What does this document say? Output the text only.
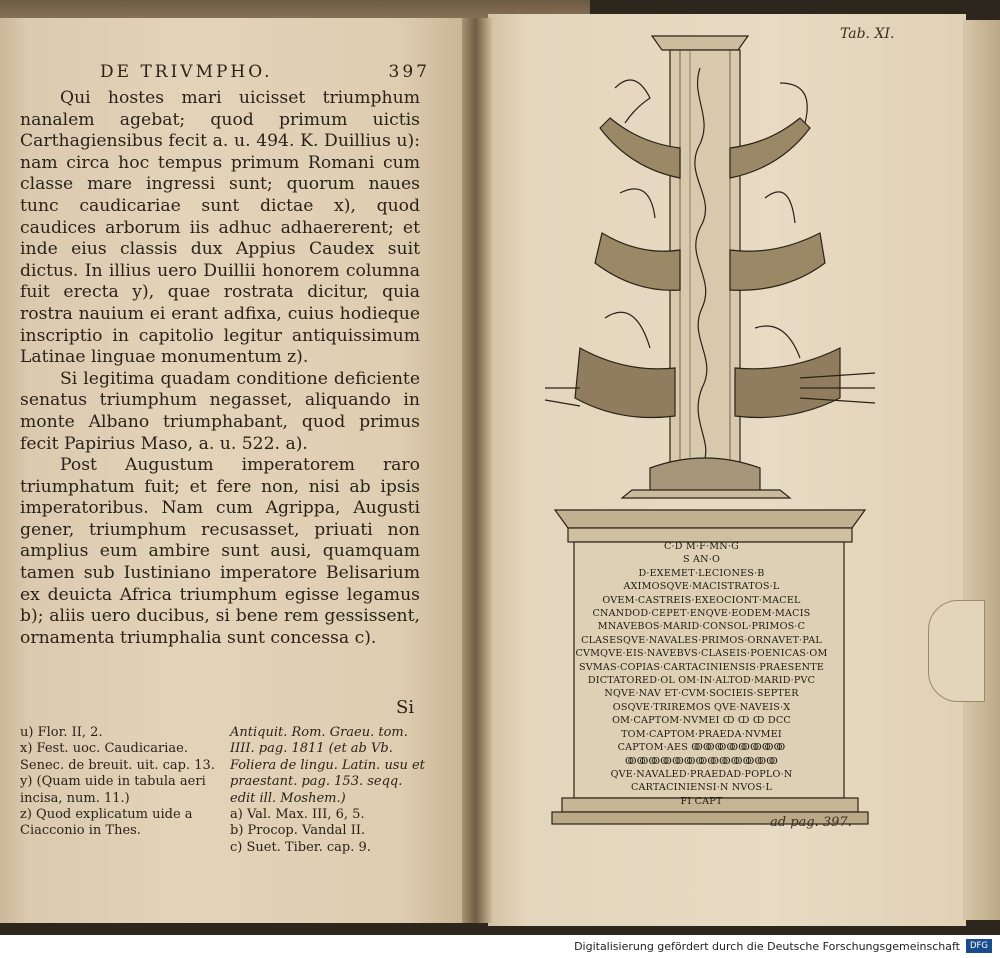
DE TRIVMPHO.	397

Qui hostes mari uicisset triumphum nanalem agebat; quod primum uictis Carthagiensibus fecit a. u. 494. K. Duillius u): nam circa hoc tempus primum Romani cum classe mare ingressi sunt; quorum naues tunc caudicariae sunt dictae x), quod caudices arborum iis adhuc adhaererent; et inde eius classis dux Appius Caudex suit dictus. In illius uero Duillii honorem columna fuit erecta y), quae rostrata dicitur, quia rostra nauium ei erant adfixa, cuius hodieque inscriptio in capitolio legitur antiquissimum Latinae linguae monumentum z).

Si legitima quadam conditione deficiente senatus triumphum negasset, aliquando in monte Albano triumphabant, quod primus fecit Papirius Maso, a. u. 522. a).

Post Augustum imperatorem raro triumphatum fuit; et fere non, nisi ab ipsis imperatoribus. Nam cum Agrippa, Augusti gener, triumphum recusasset, priuati non amplius eum ambire sunt ausi, quamquam tamen sub Iustiniano imperatore Belisarium ex deuicta Africa triumphum egisse legamus b); aliis uero ducibus, si bene rem gessissent, ornamenta triumphalia sunt concessa c).

Si
u) Flor. II, 2.
x) Fest. uoc. Caudicariae. Senec. de breuit. uit. cap. 13.
y) (Quam uide in tabula aeri incisa, num. 11.)
z) Quod explicatum uide a Ciacconio in Thes.
Antiquit. Rom. Graeu. tom. IIII. pag. 1811 (et ab Vb. Foliera de lingu. Latin. usu et praestant. pag. 153. seqq. edit ill. Moshem.)
a) Val. Max. III, 6, 5.
b) Procop. Vandal II.
c) Suet. Tiber. cap. 9.
Tab. XI.
C·D M·F·MN·G
S AN·O
D·EXEMET·LECIONES·B
AXIMOSQVE·MACISTRATOS·L
OVEM·CASTREIS·EXEOCIONT·MACEL
CNANDOD·CEPET·ENQVE·EODEM·MACIS
MNAVEBOS·MARID·CONSOL·PRIMOS·C
CLASESQVE·NAVALES·PRIMOS·ORNAVET·PAL
CVMQVE·EIS·NAVEBVS·CLASEIS·POENICAS·OM
SVMAS·COPIAS·CARTACINIENSIS·PRAESENTE
DICTATORED·OL OM·IN·ALTOD·MARID·PVC
NQVE·NAV ET·CVM·SOCIEIS·SEPTER
OSQVE·TRIREMOS QVE·NAVEIS·X
OM·CAPTOM·NVMEI ↀ ↀ ↀ DCC
TOM·CAPTOM·PRAEDA·NVMEI
CAPTOM·AES ↂↂↂↂↂↂↂↂ
ↂↂↂↂↂↂↂↂↂↂↂↂↂ
QVE·NAVALED·PRAEDAD·POPLO·N
CARTACINIENSI·N NVOS·L
FI CAPT
ad pag. 397.
Digitalisierung gefördert durch die Deutsche Forschungsgemeinschaft	DFG
